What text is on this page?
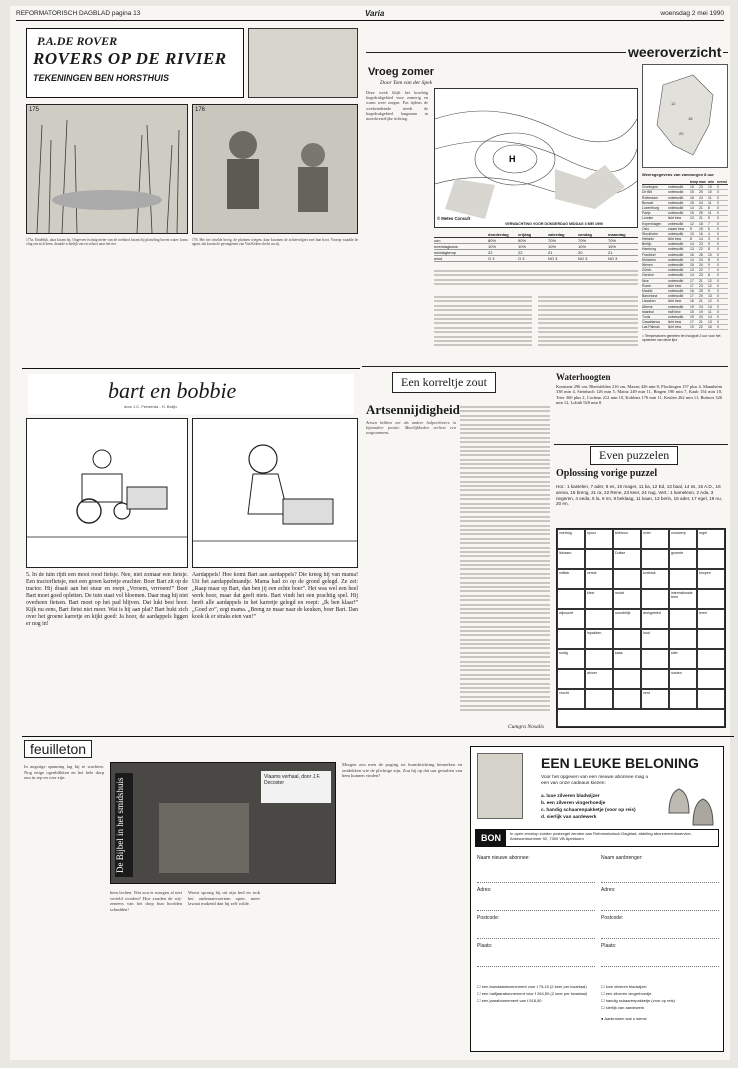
REFORMATORISCH DAGBLAD pagina 13	Varia	woensdag 2 mei 1990
P.A.DE ROVER
ROVERS OP DE RIVIER
TEKENINGEN BEN HORSTHUIS
175	176
175a. Eindelijk, daar kwam hij. Ongeveer twintig meter van de roeiboot kwam hij plotseling boven water: kauw vlug om zich heen, draaide schielijk om en schoot naar het riet.
176. Het riet ritselde hevig, de pluimen wiegen, daar kwamen de achtervolgers met hun boot. Voorop waadde de agent, dat kwam de gevangenen van Van Keken slecht nu zij.
bart en bobbie
door J.C. Ferwerda - H. Bolijn
5. In de tuin rijdt een mooi rood fietsje. Nee, niet zomaar een fietsje. Een tractorfietsje, met een groen karretje erachter. Boer Bart zit op de tractor. Hij draait aan het stuur en roept „Vrroem, vrrroem!” Boer Bart moet goed opletten. De tuin staat vol bloemen. Daar mag hij niet overheen fietsen. Bart moet op het pad blijven. Dat lukt best hoor. Kijk nu eens, Bart fietst niet meer. Wat is hij aan plat? Bart bukt zich over het groene karretje en kijkt goed: Ja hoor, de aardappels liggen er nog in!
Aardappels! Hoe komt Bart aan aardappels? Die kreeg hij van mama! Uit het aardappelmandje. Mama had zo op de grond gelegd. Ze zei: „Raap maar op Bart, dan ben jij een echte boer”. Het was wel een heel werk hoor, maar dat geeft niets. Bart vindt het een prachtig spel. Hij heeft alle aardappels in het karretje gelegd en roept: „Ik ben klaar!” „Goed zo”, zegt mama. „Breng ze maar naar de keuken, boer Bart. Dan kook ik er straks eten van!”
feuilleton
In angstige spanning lag hij te wachten. Nog enige ogenblikken en het hele dorp zou in rep en roer zijn.	De Bijbel in het smidshuis
Vlaams verhaal, door J.F. Decoster
hem lachen. Wat zou er morgen al niet verteld worden? Hoe zouden de wij-zeneers van het dorp hun hoofden schudden!
Woest sprong hij uit zijn bed en trok het onderaanvoertem open, meer lawaai makend dan hij zelf wilde.
Morgen zou men de poging tot brandstichting bemerken en ontdekken wie de plichtige zijn. Zou hij op dat uur gestalten van hem kunnen vinden?
EEN LEUKE BELONING
Voor het opgeven van een nieuwe abonnee mag u een van onze cadeaus kiezen:
a. luxe zilveren bladwijzer
b. een zilveren vingerhoedje
c. handig schaarenpakketje (voor op reis)
d. sierlijk van aardewerk
BON	In open envelop zonder postzegel zenden aan Reformatorisch Dagblad, afdeling abonnementsservice, Antwoordnummer 92, 7300 VB Apeldoorn
Naam nieuwe abonnee:
Adres:
Postcode:
Plaats:
Naam aanbrenger:
Adres:
Postcode:
Plaats:
☐ een kwartaalabonnement voor f 75,15 (2 keer per kwartaal)
☐ een halfjaarabonnement voor f 264,50 (2 keer per kwartaal)
☐ een jaarabonnement van f 518,50
☐ luxe zilveren bladwijzer
☐ een zilveren vingerhoedje
☐ handig schaarenpakketje (voor op reis)
☐ sierlijk van aardewerk
● Aankruisen wat u wenst
weeroverzicht
Vroeg zomer
Door Tom van der Spek
Deze week blijft het krachtig hogedrukgebied voor zomerig en warm weer zorgen. Pas tijdens de weekeindeinde treedt de hogedrukgebied langzaam in noordwestelijke richting.
H
© Meteo Consult
VERWACHTING VOOR DONDERDAG MIDDAG 3 MEI 1990
donderdag	vrijdag	zaterdag	zondag	maandag
zon	80%	90%	70%	70%	70%
neerslagkans	10%	10%	10%	10%	15%
middagtemp	22	22	21	20	21
wind	O 3	O 3	NO 3	NO 3	NO 3
12
18
20
Weersgegevens van vanmorgen 8 uur
temp max min neersl
Groningen	onbewolkt	15	23	10	0
De Bilt	onbewolkt	15	25	10	0
Rotterdam	onbewolkt	16	24	11	0
Brussel	onbewolkt	15	24	11	0
Luxemburg	onbewolkt	14	21	8	0
Parijs	onbewolkt	15	25	11	0
Londen	licht bew	13	21	9	0
Kopenhagen	onbewolkt	12	18	7	0
Oslo	zwaar bew	9	15	5	0
Stockholm	onbewolkt	10	16	4	0
Helsinki	licht bew	8	14	3	0
Berlijn	onbewolkt	14	23	9	0
Hamburg	onbewolkt	13	22	8	0
Frankfurt	onbewolkt	16	26	10	0
München	onbewolkt	14	24	8	0
Wenen	onbewolkt	15	24	9	0
Zürich	onbewolkt	13	22	7	0
Genève	onbewolkt	14	23	8	0
Nice	onbewolkt	17	21	12	0
Rome	licht bew	17	23	12	0
Madrid	onbewolkt	16	25	9	0
Barcelona	onbewolkt	17	20	13	0
Lissabon	licht bew	16	21	12	0
Athene	onbewolkt	19	24	14	0
Istanbul	half bew	15	19	11	0
Tunis	onbewolkt	19	24	14	0
Casablanca	licht bew	17	21	13	0
Las Palmas	licht bew	19	22	16	0
= Temperaturen gemeten ten hoogste 2 uur voor het opnemen van deze lijst
Een korreltje zout
Artsennijdigheid
Artsen hebben net als andere hulpverleners in bijzondere positie. Moeilijkheden verliest een zorgcomment.
Cumgra Nosalis
Waterhoogten
Konstanz 296 cm, Rheinfelden 216 cm, Maxau 426 min 8, Plochingen 157 plus 4, Mannheim 338 min 4, Steinbach 126 min 5, Mainz 249 min 11, Bingen 190 min 7, Kaub 154 min 10, Trier 360 plus 2, Cochem 212 min 10, Koblenz 176 min 11, Keulen 262 min 11, Ruhrort 326 min 12, Lobith 920 min 8.
Even puzzelen
Oplossing vorige puzzel
Hor.: 1 kastelen, 7 ader, 8 es, 10 mager, 11 ka, 12 Ed, 13 baal, 14 ss, 15 A.D., 16 arena, 18 breng, 21 ra, 22 Rene, 23 keer, 24 nug. Vert.: 1 kameleon, 2 Ada, 3 negeren, 4 eeda, 5 la, 6 nn, 9 beklaag, 11 kaan, 13 berin, 16 ader, 17 egel, 19 nu, 20 en.
voertuig	spoor	telefoon	rivier	voorwerp	regel
lichaam	Duitse	groente
militair	versie	kortstuk	knopen
klein	mulat	internationale term
wijnsoort	noordelijk	drukgebied	leren
inpakken	lood
rustig	kaas	stier
afvoer	oosten
vrucht	vent
